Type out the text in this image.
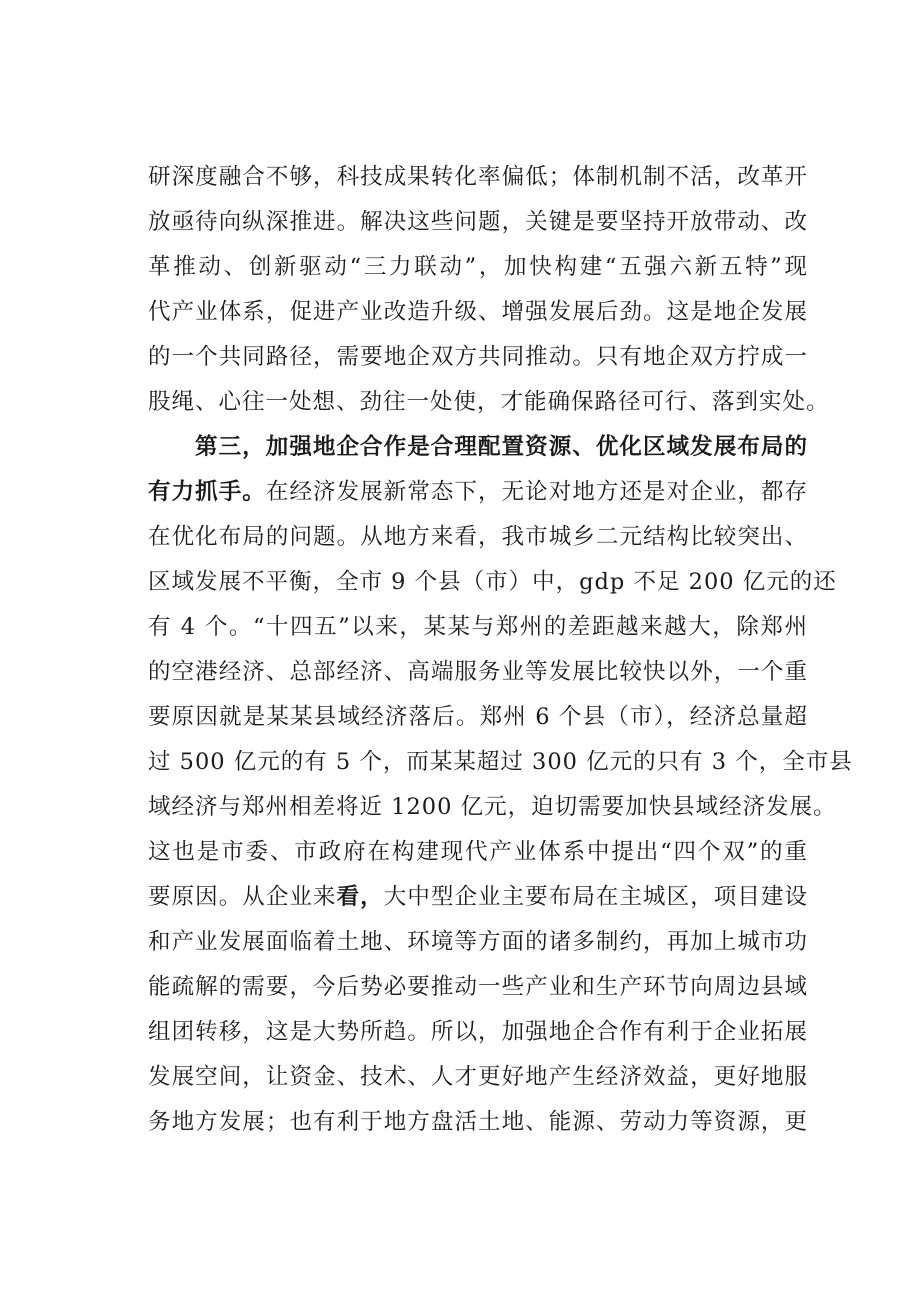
研深度融合不够，科技成果转化率偏低；体制机制不活，改革开
放亟待向纵深推进。解决这些问题，关键是要坚持开放带动、改
革推动、创新驱动“三力联动”，加快构建“五强六新五特”现
代产业体系，促进产业改造升级、增强发展后劲。这是地企发展
的一个共同路径，需要地企双方共同推动。只有地企双方拧成一
股绳、心往一处想、劲往一处使，才能确保路径可行、落到实处。
第三，加强地企合作是合理配置资源、优化区域发展布局的
有力抓手。在经济发展新常态下，无论对地方还是对企业，都存
在优化布局的问题。从地方来看，我市城乡二元结构比较突出、
区域发展不平衡，全市 9 个县（市）中，gdp 不足 200 亿元的还
有 4 个。“十四五”以来，某某与郑州的差距越来越大，除郑州
的空港经济、总部经济、高端服务业等发展比较快以外，一个重
要原因就是某某县域经济落后。郑州 6 个县（市），经济总量超
过 500 亿元的有 5 个，而某某超过 300 亿元的只有 3 个，全市县
域经济与郑州相差将近 1200 亿元，迫切需要加快县域经济发展。
这也是市委、市政府在构建现代产业体系中提出“四个双”的重
要原因。从企业来看，大中型企业主要布局在主城区，项目建设
和产业发展面临着土地、环境等方面的诸多制约，再加上城市功
能疏解的需要，今后势必要推动一些产业和生产环节向周边县域
组团转移，这是大势所趋。所以，加强地企合作有利于企业拓展
发展空间，让资金、技术、人才更好地产生经济效益，更好地服
务地方发展；也有利于地方盘活土地、能源、劳动力等资源，更
